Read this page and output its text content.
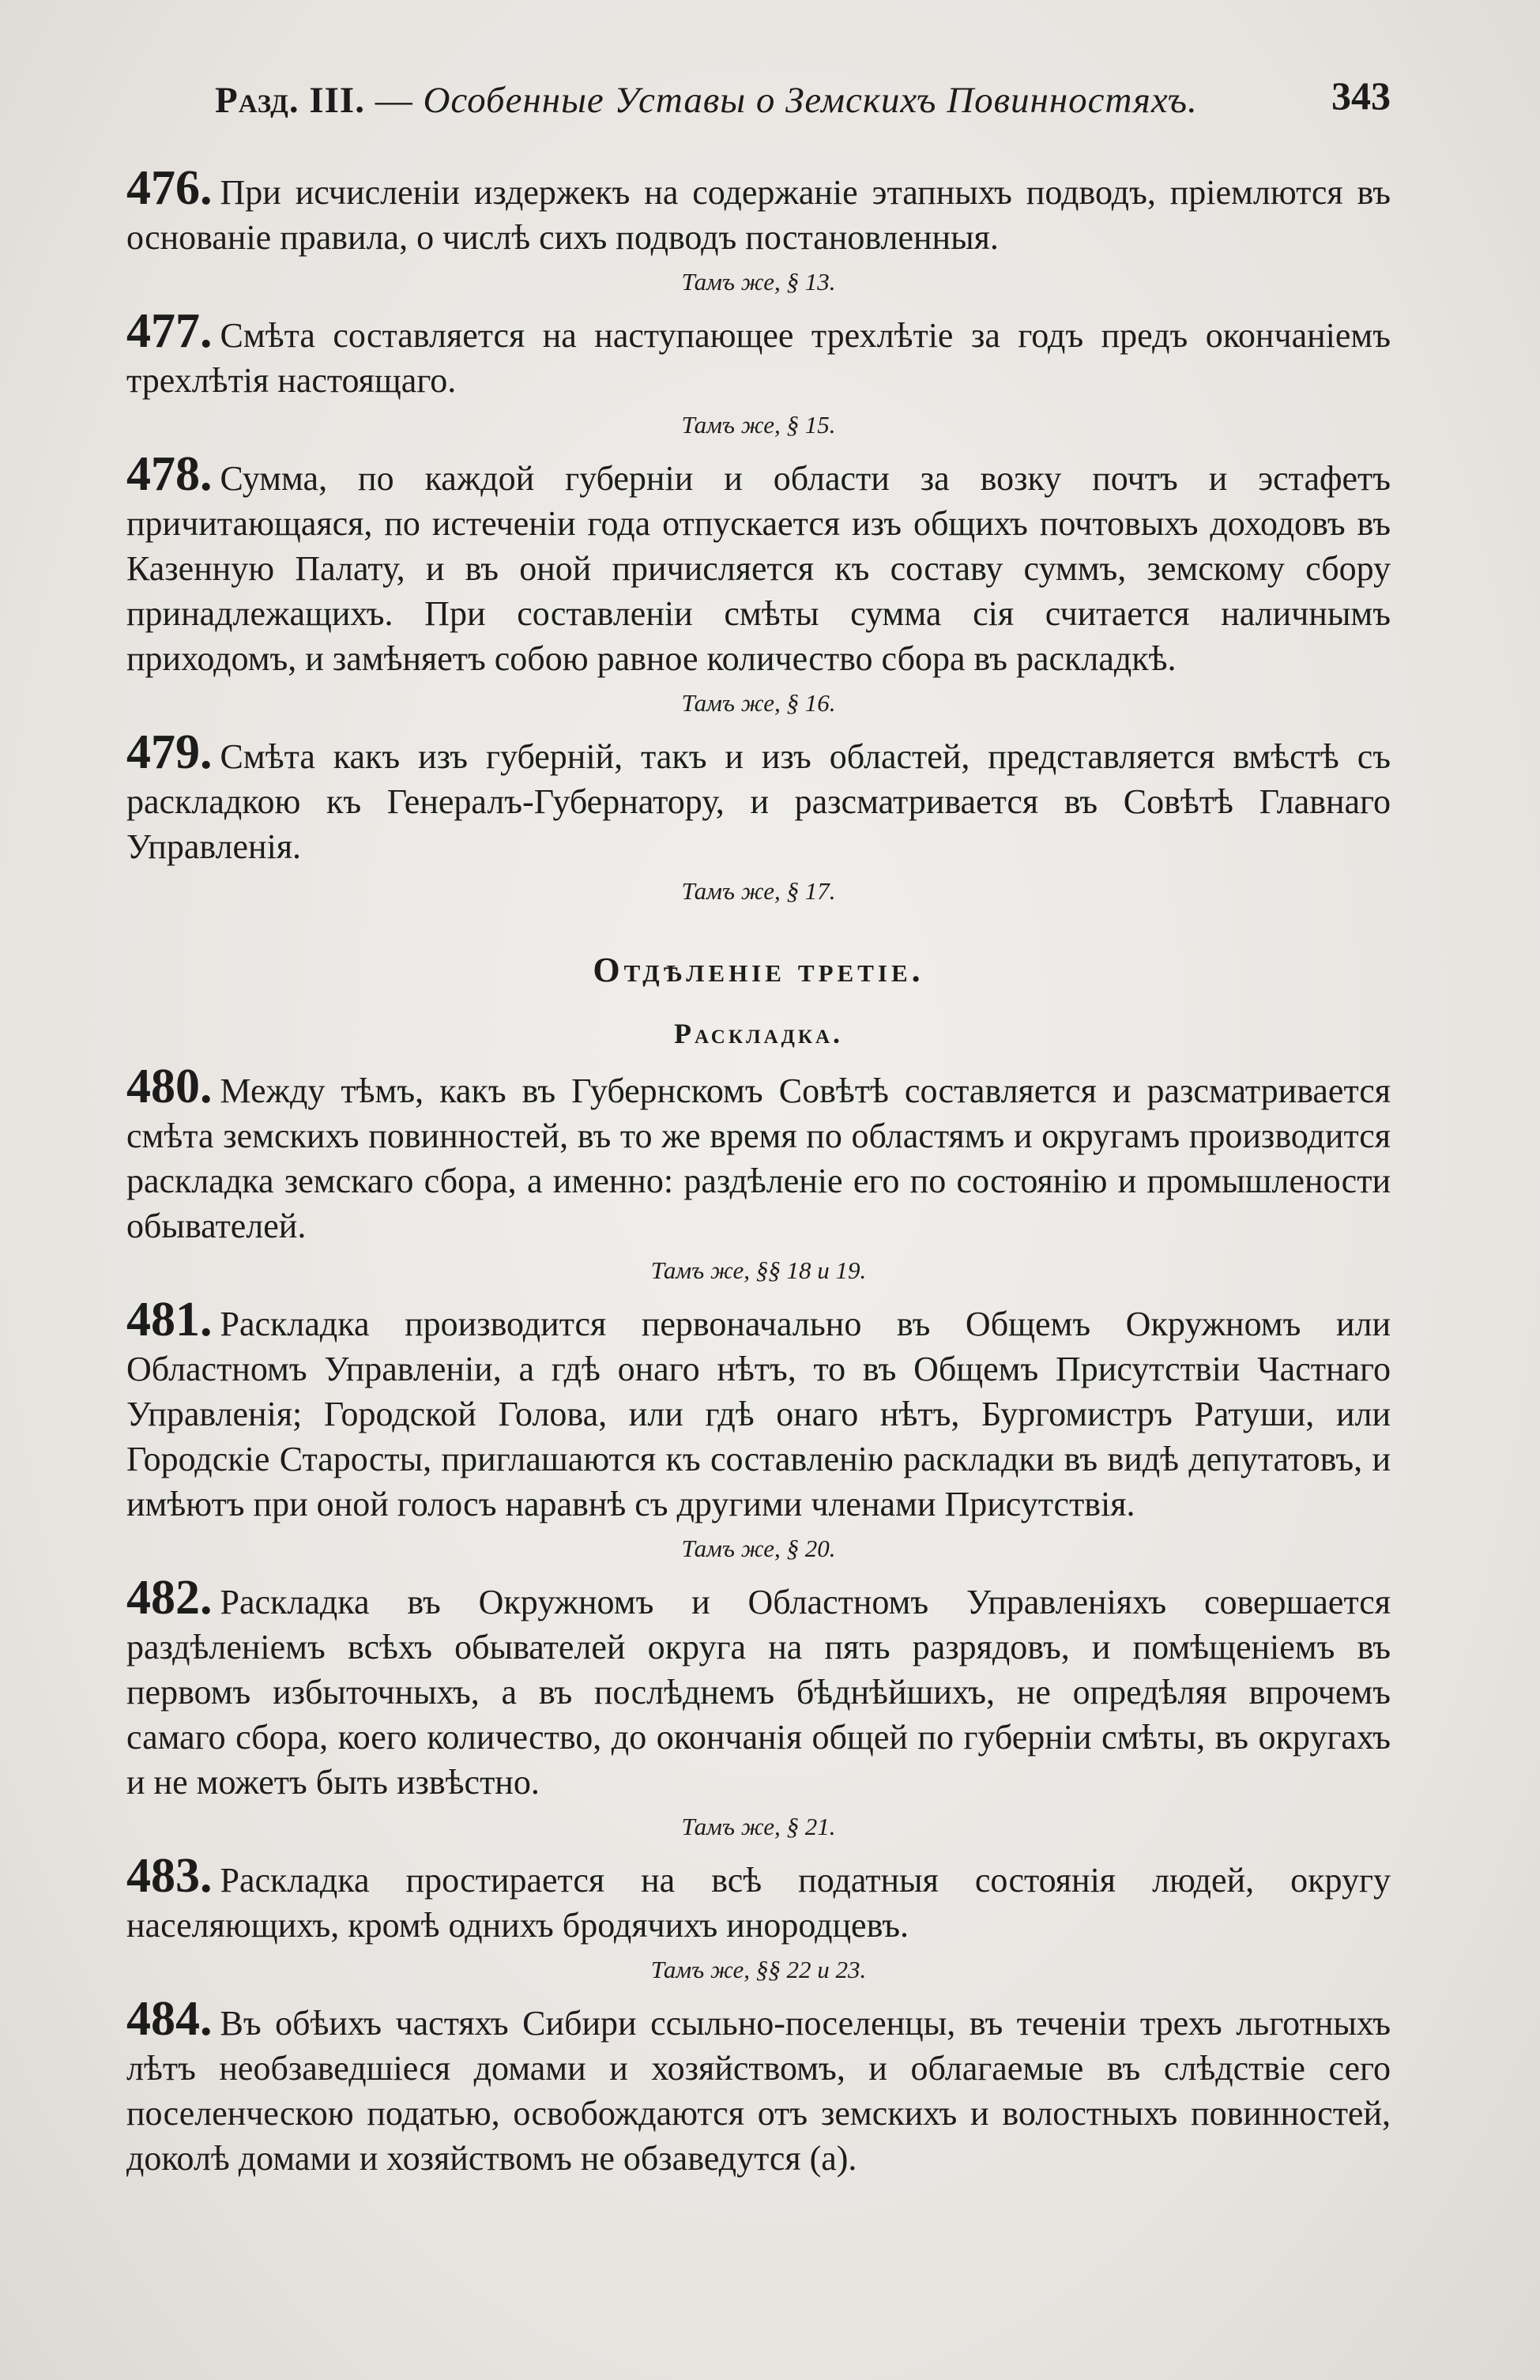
Разд. III. — Особенные Уставы о Земскихъ Повинностяхъ.	343
476. При исчисленіи издержекъ на содержаніе этапныхъ подводъ, пріемлются въ основаніе правила, о числѣ сихъ подводъ постановленныя.
Тамъ же, § 13.
477. Смѣта составляется на наступающее трехлѣтіе за годъ предъ окончаніемъ трехлѣтія настоящаго.
Тамъ же, § 15.
478. Сумма, по каждой губерніи и области за возку почтъ и эстафетъ причитающаяся, по истеченіи года отпускается изъ общихъ почтовыхъ доходовъ въ Казенную Палату, и въ оной причисляется къ составу суммъ, земскому сбору принадлежащихъ. При составленіи смѣты сумма сія считается наличнымъ приходомъ, и замѣняетъ собою равное количество сбора въ раскладкѣ.
Тамъ же, § 16.
479. Смѣта какъ изъ губерній, такъ и изъ областей, представляется вмѣстѣ съ раскладкою къ Генералъ-Губернатору, и разсматривается въ Совѣтѣ Главнаго Управленія.
Тамъ же, § 17.
Отдѣленіе третіе.
Раскладка.
480. Между тѣмъ, какъ въ Губернскомъ Совѣтѣ составляется и разсматривается смѣта земскихъ повинностей, въ то же время по областямъ и округамъ производится раскладка земскаго сбора, а именно: раздѣленіе его по состоянію и промышлености обывателей.
Тамъ же, §§ 18 и 19.
481. Раскладка производится первоначально въ Общемъ Окружномъ или Областномъ Управленіи, а гдѣ онаго нѣтъ, то въ Общемъ Присутствіи Частнаго Управленія; Городской Голова, или гдѣ онаго нѣтъ, Бургомистръ Ратуши, или Городскіе Старосты, приглашаются къ составленію раскладки въ видѣ депутатовъ, и имѣютъ при оной голосъ наравнѣ съ другими членами Присутствія.
Тамъ же, § 20.
482. Раскладка въ Окружномъ и Областномъ Управленіяхъ совершается раздѣленіемъ всѣхъ обывателей округа на пять разрядовъ, и помѣщеніемъ въ первомъ избыточныхъ, а въ послѣднемъ бѣднѣйшихъ, не опредѣляя впрочемъ самаго сбора, коего количество, до окончанія общей по губерніи смѣты, въ округахъ и не можетъ быть извѣстно.
Тамъ же, § 21.
483. Раскладка простирается на всѣ податныя состоянія людей, округу населяющихъ, кромѣ однихъ бродячихъ инородцевъ.
Тамъ же, §§ 22 и 23.
484. Въ обѣихъ частяхъ Сибири ссыльно-поселенцы, въ теченіи трехъ льготныхъ лѣтъ необзаведшіеся домами и хозяйствомъ, и облагаемые въ слѣдствіе сего поселенческою податью, освобождаются отъ земскихъ и волостныхъ повинностей, доколѣ домами и хозяйствомъ не обзаведутся (а).
